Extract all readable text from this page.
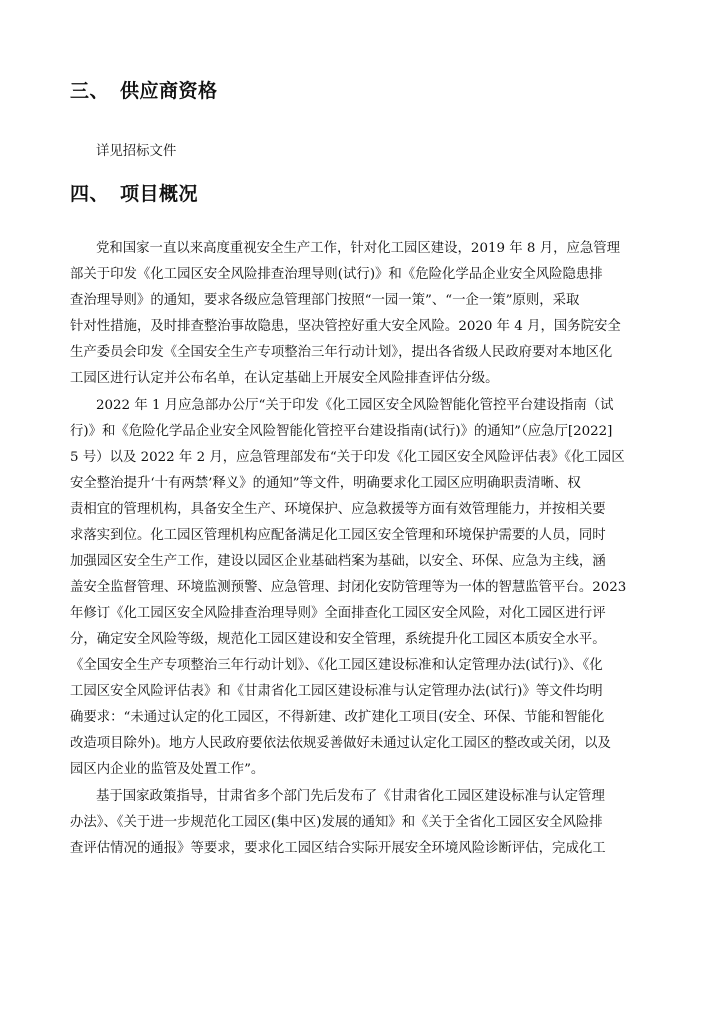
三、 供应商资格
详见招标文件
四、 项目概况
党和国家一直以来高度重视安全生产工作，针对化工园区建设，2019 年 8 月，应急管理
部关于印发《化工园区安全风险排查治理导则(试行)》和《危险化学品企业安全风险隐患排
查治理导则》的通知，要求各级应急管理部门按照“一园一策”、“一企一策”原则，采取
针对性措施，及时排查整治事故隐患，坚决管控好重大安全风险。2020 年 4 月，国务院安全
生产委员会印发《全国安全生产专项整治三年行动计划》，提出各省级人民政府要对本地区化
工园区进行认定并公布名单，在认定基础上开展安全风险排查评估分级。
2022 年 1 月应急部办公厅“关于印发《化工园区安全风险智能化管控平台建设指南（试
行)》和《危险化学品企业安全风险智能化管控平台建设指南(试行)》的通知”（应急厅[2022]
5 号）以及 2022 年 2 月，应急管理部发布“关于印发《化工园区安全风险评估表》《化工园区
安全整治提升‘十有两禁’释义》的通知”等文件，明确要求化工园区应明确职责清晰、权
责相宜的管理机构，具备安全生产、环境保护、应急救援等方面有效管理能力，并按相关要
求落实到位。化工园区管理机构应配备满足化工园区安全管理和环境保护需要的人员，同时
加强园区安全生产工作，建设以园区企业基础档案为基础，以安全、环保、应急为主线，涵
盖安全监督管理、环境监测预警、应急管理、封闭化安防管理等为一体的智慧监管平台。2023
年修订《化工园区安全风险排查治理导则》全面排查化工园区安全风险，对化工园区进行评
分，确定安全风险等级，规范化工园区建设和安全管理，系统提升化工园区本质安全水平。
《全国安全生产专项整治三年行动计划》、《化工园区建设标准和认定管理办法(试行)》、《化
工园区安全风险评估表》和《甘肃省化工园区建设标准与认定管理办法(试行)》等文件均明
确要求：“未通过认定的化工园区，不得新建、改扩建化工项目(安全、环保、节能和智能化
改造项目除外)。地方人民政府要依法依规妥善做好未通过认定化工园区的整改或关闭，以及
园区内企业的监管及处置工作”。
基于国家政策指导，甘肃省多个部门先后发布了《甘肃省化工园区建设标准与认定管理
办法》、《关于进一步规范化工园区(集中区)发展的通知》和《关于全省化工园区安全风险排
查评估情况的通报》等要求，要求化工园区结合实际开展安全环境风险诊断评估，完成化工
